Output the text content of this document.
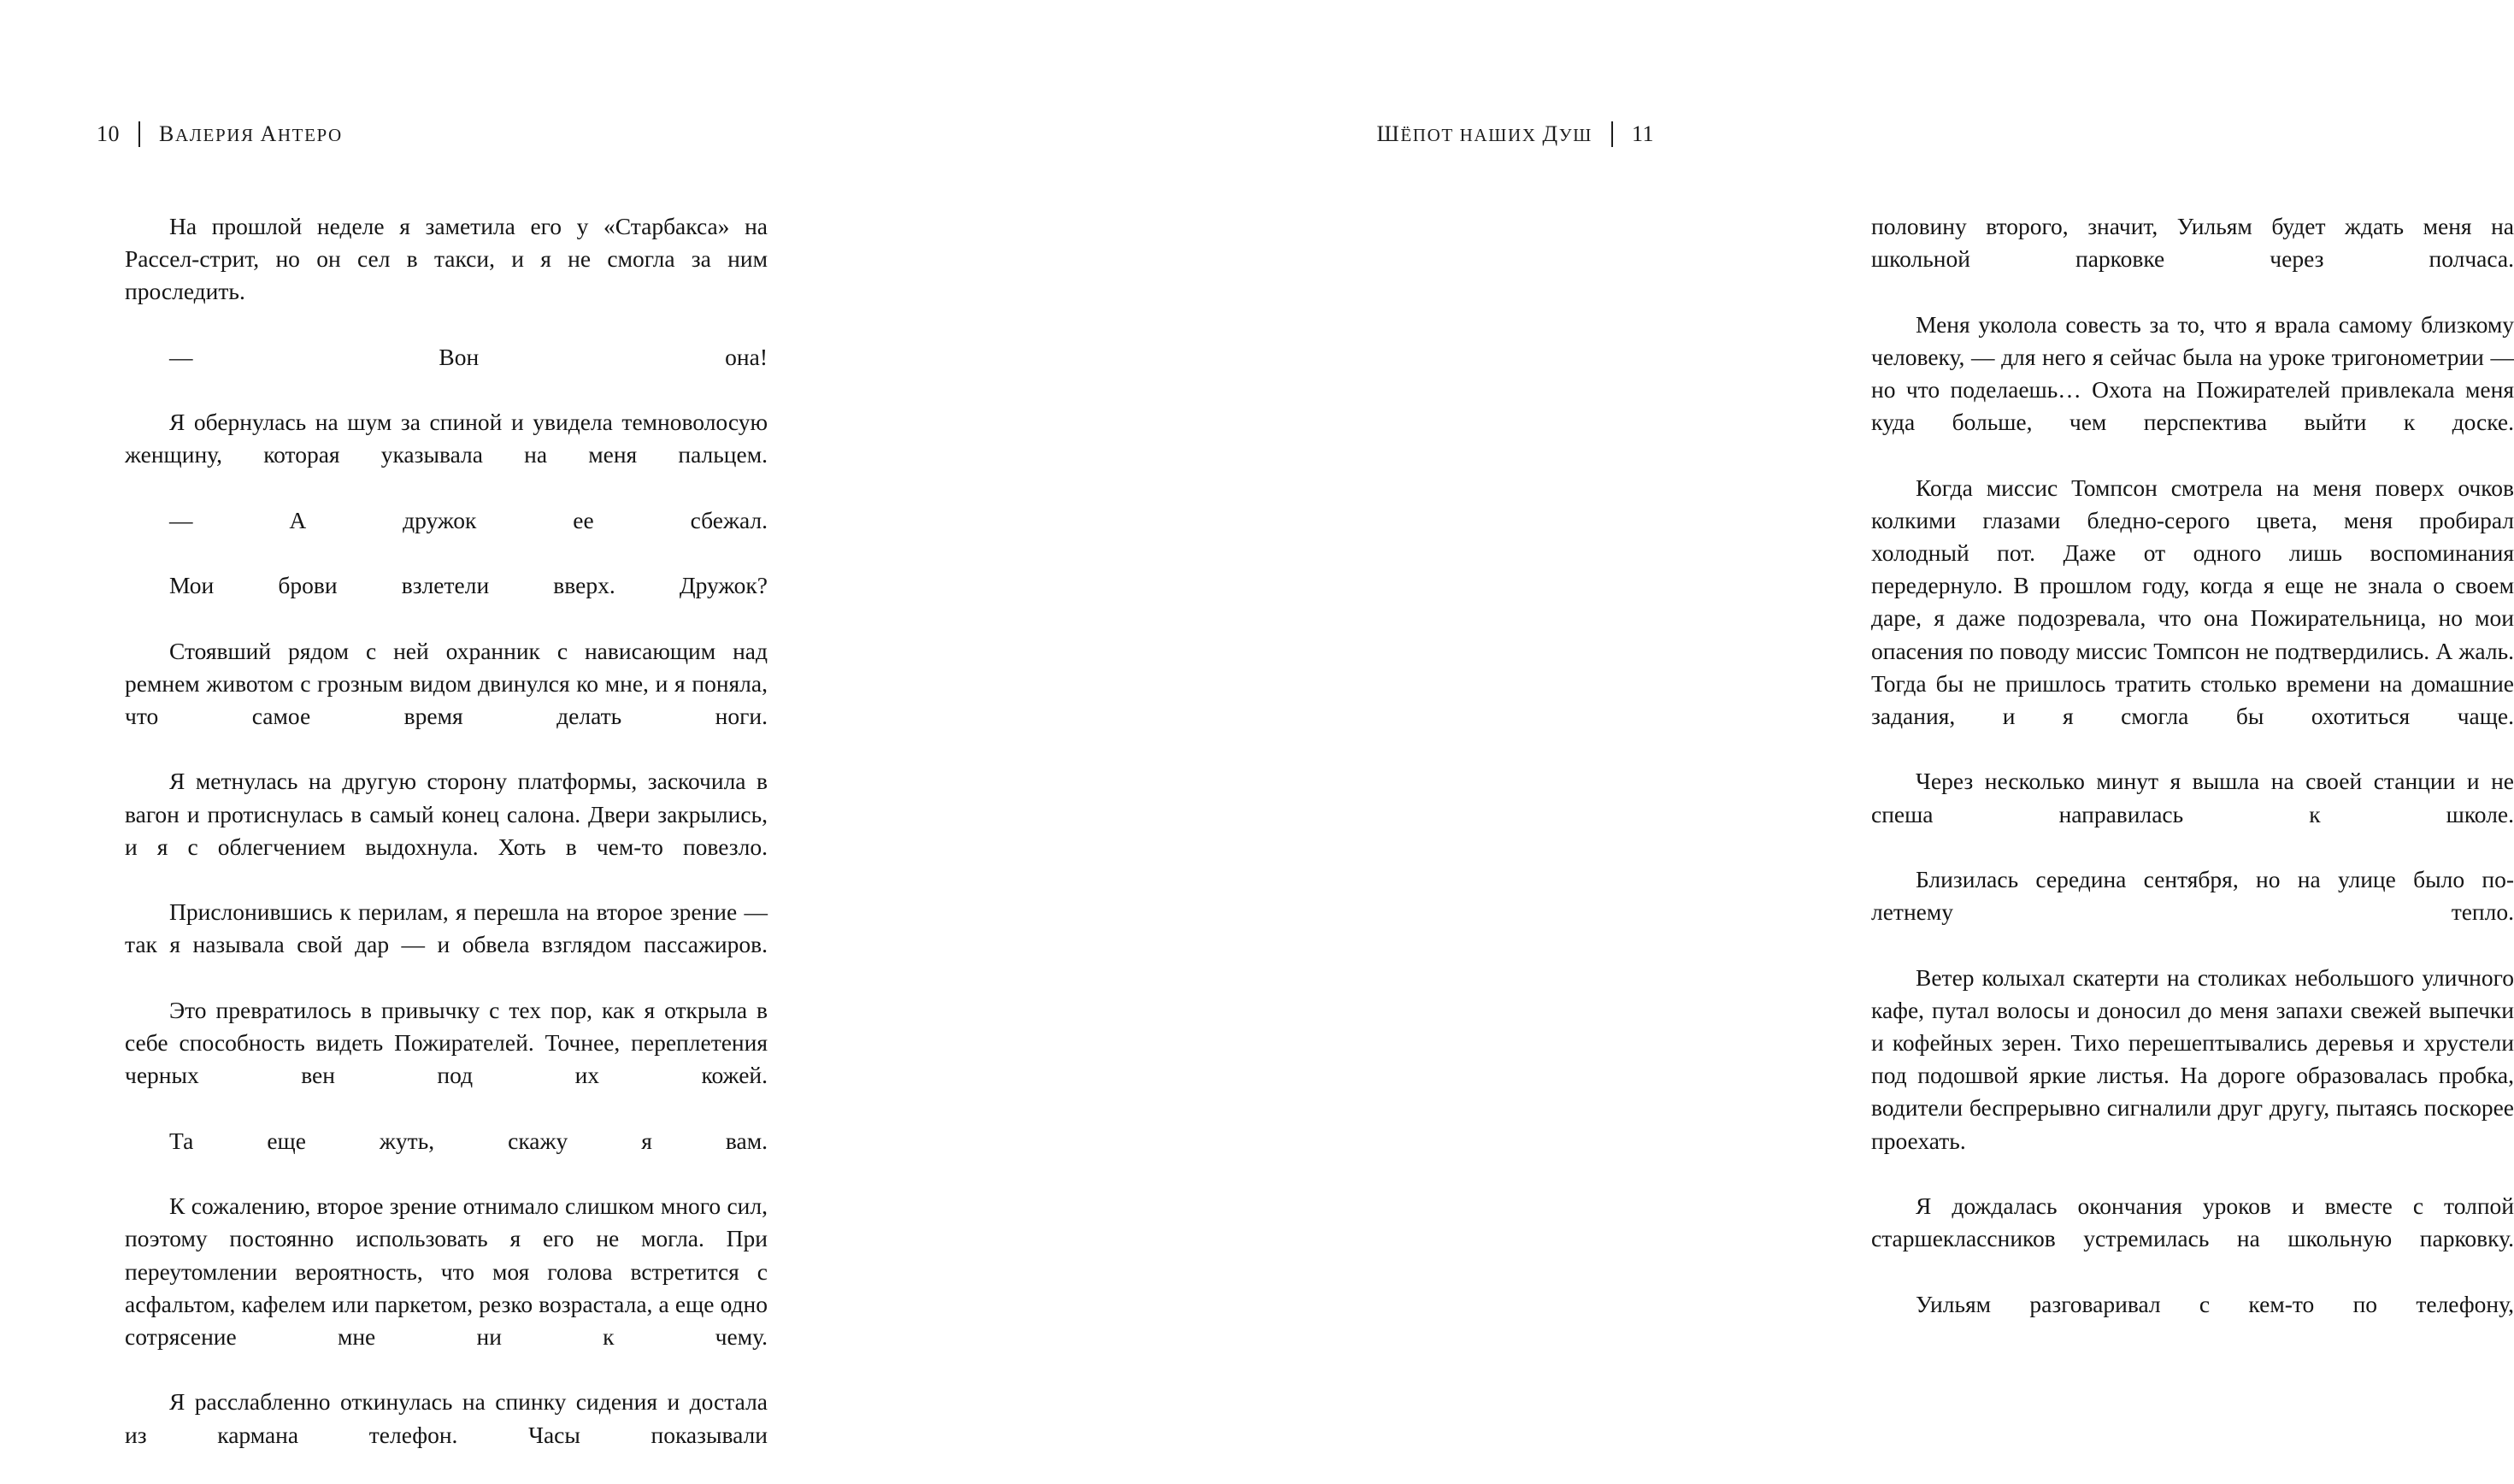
10 ВАЛЕРИЯ АНТЕРО

На прошлой неделе я заметила его у «Старбакса» на Рассел-стрит, но он сел в такси, и я не смогла за ним проследить.

— Вон она!

Я обернулась на шум за спиной и увидела темноволосую женщину, которая указывала на меня пальцем.

— А дружок ее сбежал.

Мои брови взлетели вверх. Дружок?

Стоявший рядом с ней охранник с нависающим над ремнем животом с грозным видом двинулся ко мне, и я поняла, что самое время делать ноги.

Я метнулась на другую сторону платформы, заскочила в вагон и протиснулась в самый конец салона. Двери закрылись, и я с облегчением выдохнула. Хоть в чем-то повезло.

Прислонившись к перилам, я перешла на второе зрение — так я называла свой дар — и обвела взглядом пассажиров.

Это превратилось в привычку с тех пор, как я открыла в себе способность видеть Пожирателей. Точнее, переплетения черных вен под их кожей.

Та еще жуть, скажу я вам.

К сожалению, второе зрение отнимало слишком много сил, поэтому постоянно использовать я его не могла. При переутомлении вероятность, что моя голова встретится с асфальтом, кафелем или паркетом, резко возрастала, а еще одно сотрясение мне ни к чему.

Я расслабленно откинулась на спинку сидения и достала из кармана телефон. Часы показывали

ШЁПОТ НАШИХ ДУШ 11

половину второго, значит, Уильям будет ждать меня на школьной парковке через полчаса.

Меня уколола совесть за то, что я врала самому близкому человеку, — для него я сейчас была на уроке тригонометрии — но что поделаешь… Охота на Пожирателей привлекала меня куда больше, чем перспектива выйти к доске.

Когда миссис Томпсон смотрела на меня поверх очков колкими глазами бледно-серого цвета, меня пробирал холодный пот. Даже от одного лишь воспоминания передернуло. В прошлом году, когда я еще не знала о своем даре, я даже подозревала, что она Пожирательница, но мои опасения по поводу миссис Томпсон не подтвердились. А жаль. Тогда бы не пришлось тратить столько времени на домашние задания, и я смогла бы охотиться чаще.

Через несколько минут я вышла на своей станции и не спеша направилась к школе.

Близилась середина сентября, но на улице было по-летнему тепло.

Ветер колыхал скатерти на столиках небольшого уличного кафе, путал волосы и доносил до меня запахи свежей выпечки и кофейных зерен. Тихо перешептывались деревья и хрустели под подошвой яркие листья. На дороге образовалась пробка, водители беспрерывно сигналили друг другу, пытаясь поскорее проехать.

Я дождалась окончания уроков и вместе с толпой старшеклассников устремилась на школьную парковку.

Уильям разговаривал с кем-то по телефону,
